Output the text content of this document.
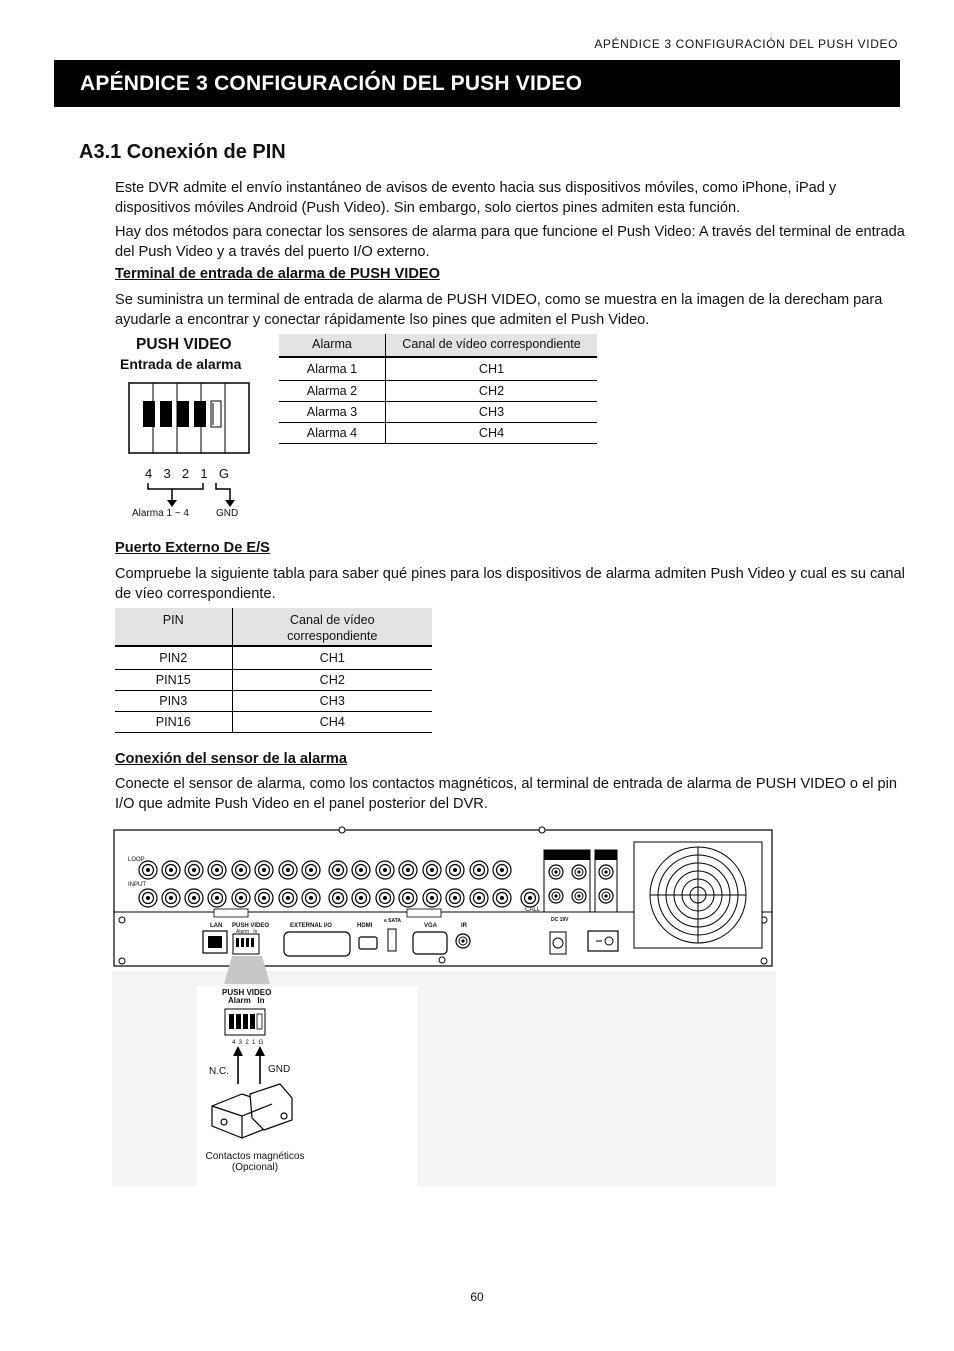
APÉNDICE 3 CONFIGURACIÓN DEL PUSH VIDEO
APÉNDICE 3 CONFIGURACIÓN DEL PUSH VIDEO
A3.1 Conexión de PIN

Este DVR admite el envío instantáneo de avisos de evento hacia sus dispositivos móviles, como iPhone, iPad y dispositivos móviles Android (Push Video). Sin embargo, solo ciertos pines admiten esta función.

Hay dos métodos para conectar los sensores de alarma para que funcione el Push Video: A través del terminal de entrada del Push Video y a través del puerto I/O externo.

Terminal de entrada de alarma de PUSH VIDEO

Se suministra un terminal de entrada de alarma de PUSH VIDEO, como se muestra en la imagen de la derecham para ayudarle a encontrar y conectar rápidamente lso pines que admiten el Push Video.

PUSH VIDEO
Entrada de alarma
4  3  2  1  G
Alarma 1 ~ 4	GND
Alarma	Canal de vídeo correspondiente
Alarma 1	CH1
Alarma 2	CH2
Alarma 3	CH3
Alarma 4	CH4
Puerto Externo De E/S

Compruebe la siguiente tabla para saber qué pines para los dispositivos de alarma admiten Push Video y cual es su canal de víeo correspondiente.

PIN	Canal de vídeo correspondiente
PIN2	CH1
PIN15	CH2
PIN3	CH3
PIN16	CH4
Conexión del sensor de la alarma

Conecte el sensor de alarma, como los contactos magnéticos, al terminal de entrada de alarma de PUSH VIDEO o el pin I/O que admite Push Video en el panel posterior del DVR.

LOOP
INPUT
CALL
LAN PUSH VIDEO
Alarm   In
EXTERNAL I/O	HDMI
e SATA
VGA	IR
DC 19V
PUSH VIDEO
Alarm   In
4  3  2  1  G
N.C.	GND
Contactos magnéticos
(Opcional)
60
